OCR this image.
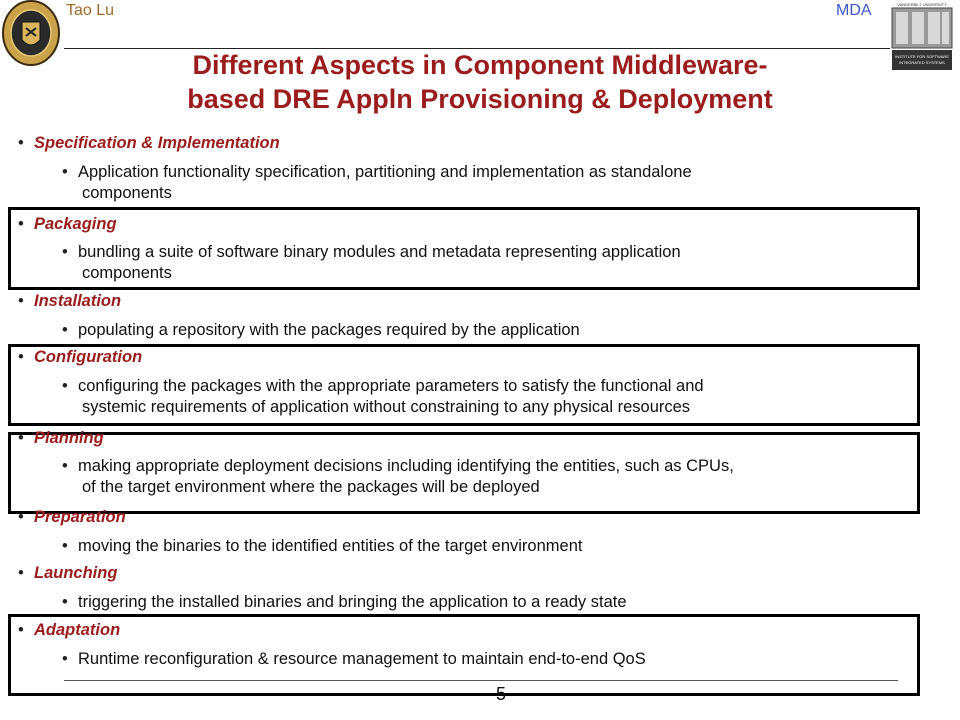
VANDERBILT UNIVERSITY
INSTITUTE FOR SOFTWARE
INTEGRATED SYSTEMS
Tao Lu	MDA
Different Aspects in Component Middleware-
based DRE Appln Provisioning & Deployment
• Specification & Implementation
• Application functionality specification, partitioning and implementation as standalone
components
• Packaging
• bundling a suite of software binary modules and metadata representing application
components
• Installation
• populating a repository with the packages required by the application
• Configuration
• configuring the packages with the appropriate parameters to satisfy the functional and
systemic requirements of application without constraining to any physical resources
• Planning
• making appropriate deployment decisions including identifying the entities, such as CPUs,
of the target environment where the packages will be deployed
• Preparation
• moving the binaries to the identified entities of the target environment
• Launching
• triggering the installed binaries and bringing the application to a ready state
• Adaptation
• Runtime reconfiguration & resource management to maintain end-to-end QoS
5
